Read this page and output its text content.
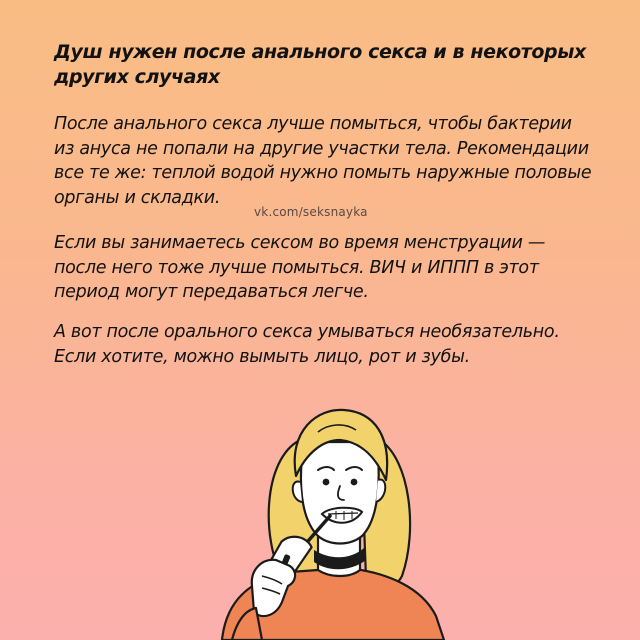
Душ нужен после анального секса и в некоторых других случаях

После анального секса лучше помыться, чтобы бактерии из ануса не попали на другие участки тела. Рекомендации все те же: теплой водой нужно помыть наружные половые органы и складки.

vk.com/seksnayka

Если вы занимаетесь сексом во время менструации — после него тоже лучше помыться. ВИЧ и ИППП в этот период могут передаваться легче.

А вот после орального секса умываться необязательно. Если хотите, можно вымыть лицо, рот и зубы.
